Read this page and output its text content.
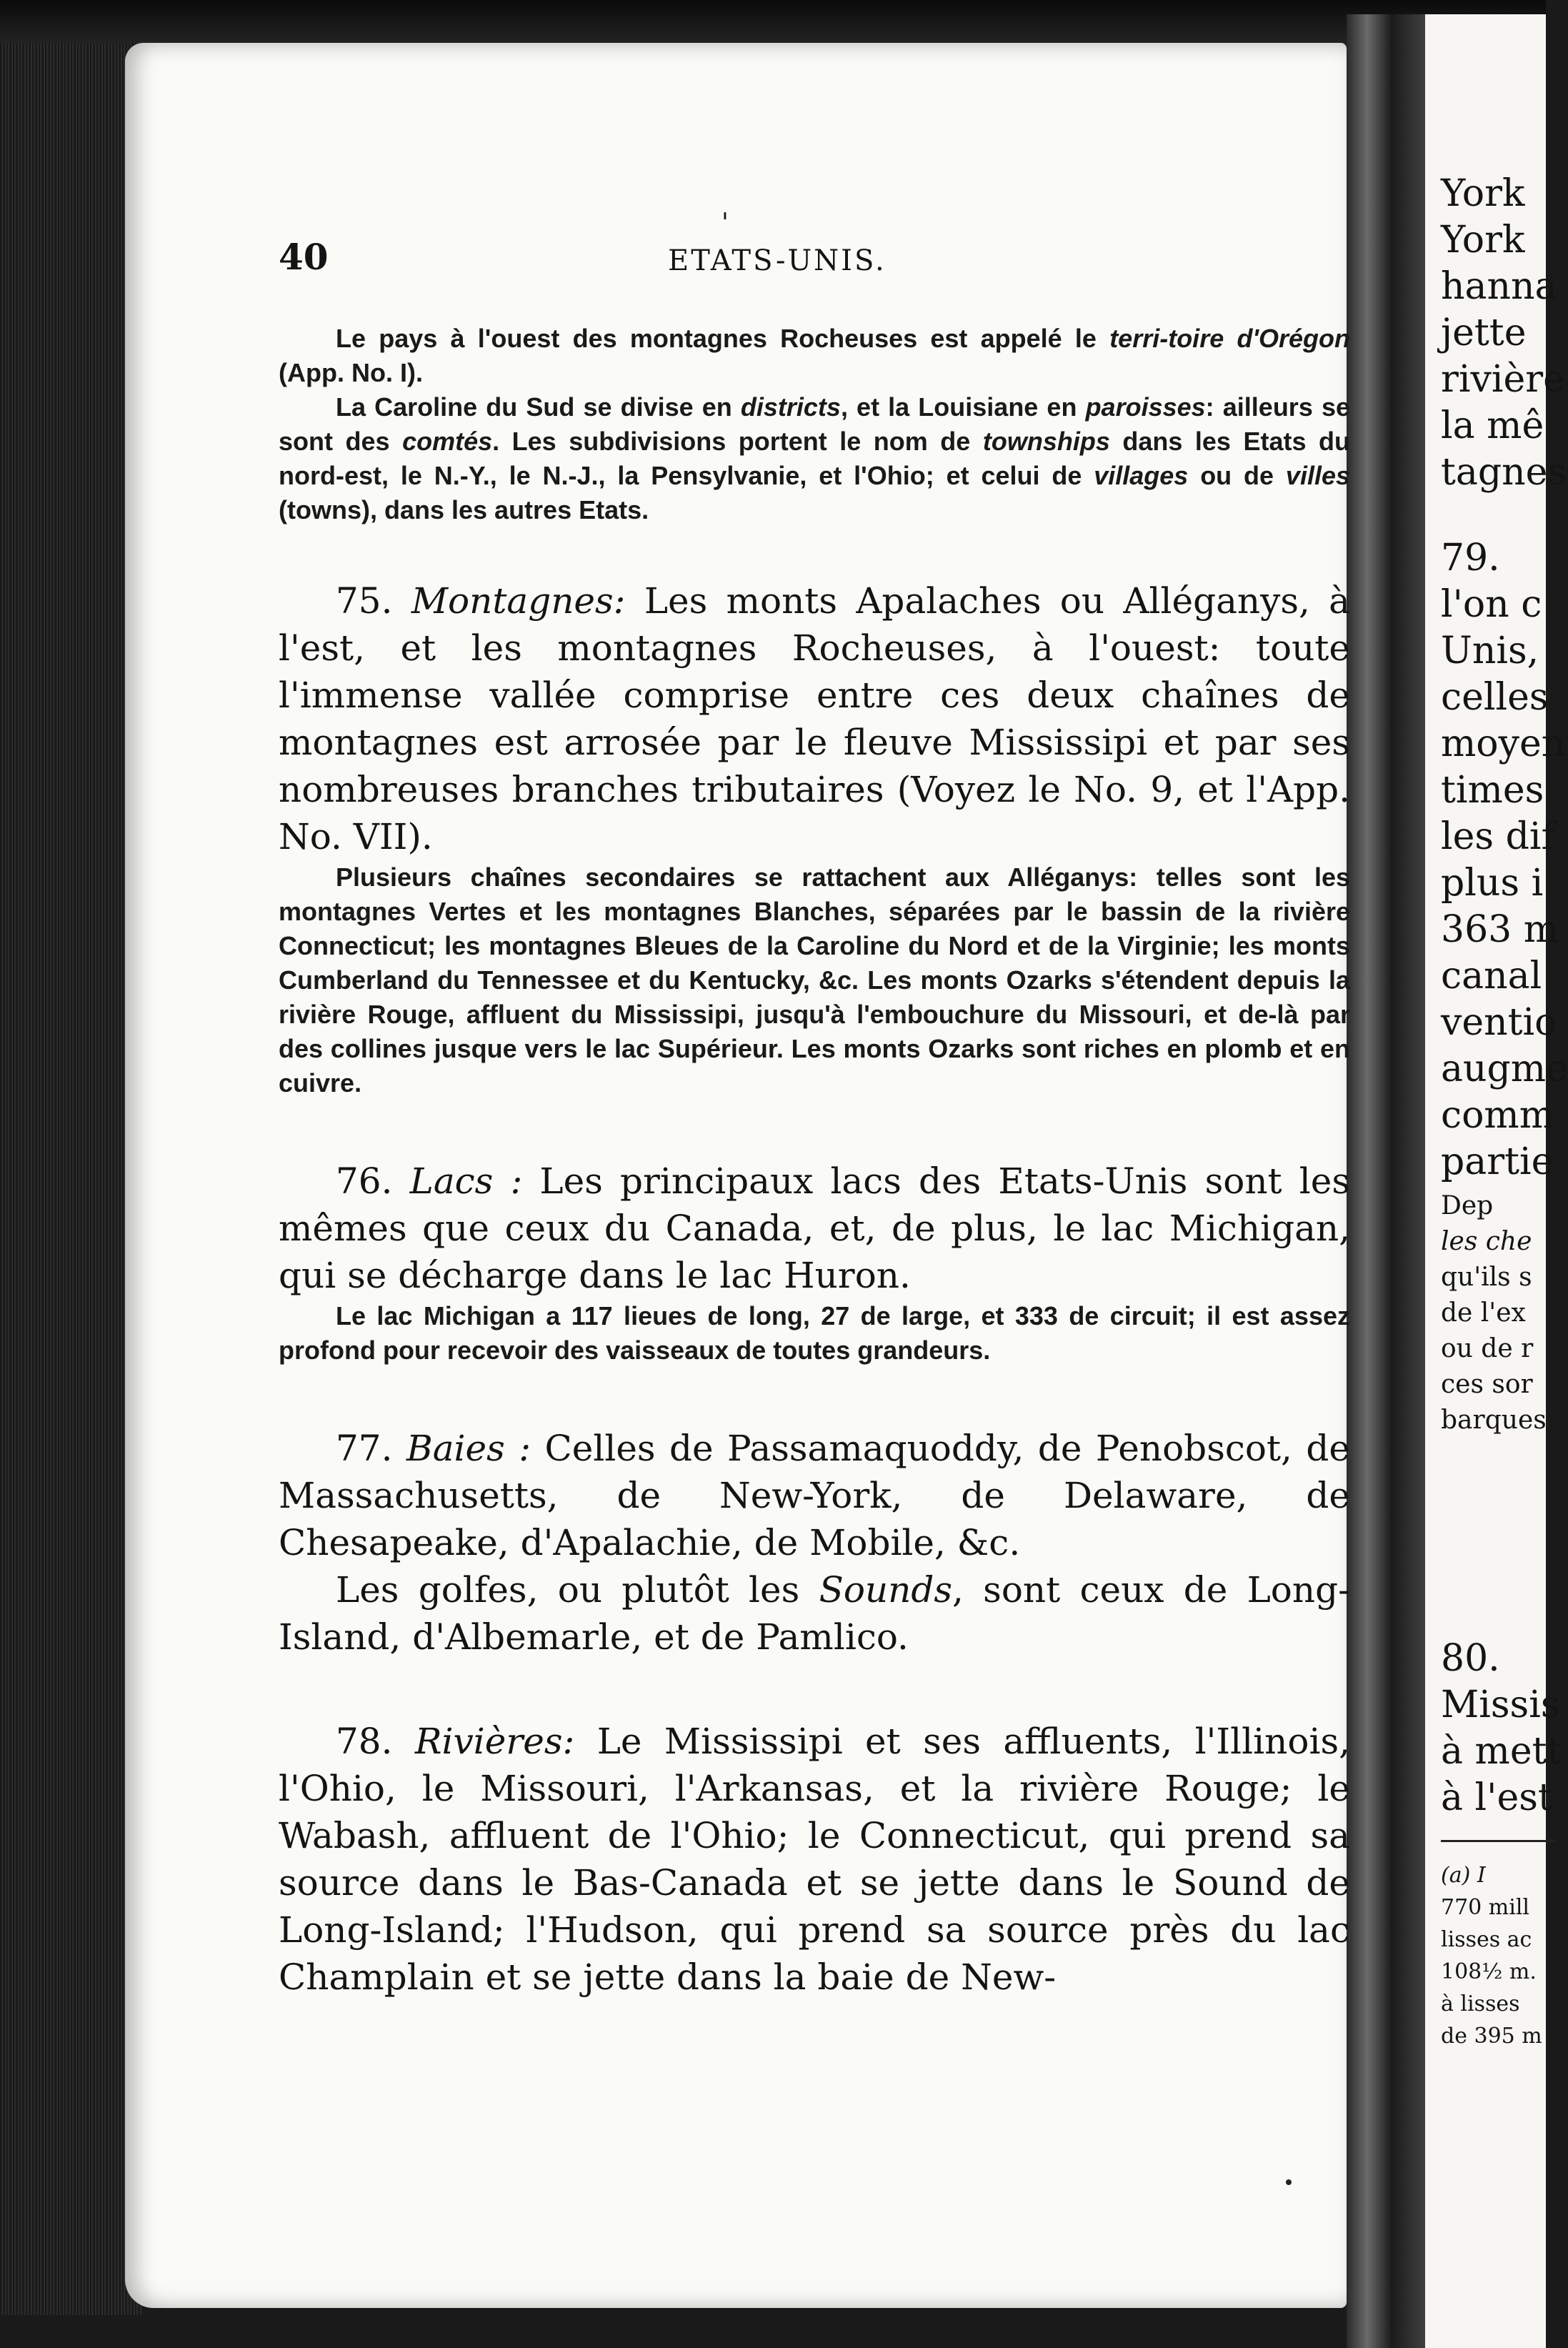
York
York
hanna
jette
rivière
la mê
tagnes
79.
l'on c
Unis,
celles
moyen
times
les dif
plus i
363 m
canal
ventio
augme
comm
partie
Dep
les che
qu'ils s
de l'ex
ou de r
ces sor
barques
80.
Missis
à mett
à l'est
(a) I
770 mill
lisses ac
108½ m.
à lisses
de 395 m
40
'
ETATS-UNIS.

Le pays à l'ouest des montagnes Rocheuses est appelé le terri-toire d'Orégon (App. No. I).

La Caroline du Sud se divise en districts, et la Louisiane en paroisses: ailleurs se sont des comtés. Les subdivisions portent le nom de townships dans les Etats du nord-est, le N.-Y., le N.-J., la Pensylvanie, et l'Ohio; et celui de villages ou de villes (towns), dans les autres Etats.

75. Montagnes: Les monts Apalaches ou Alléganys, à l'est, et les montagnes Rocheuses, à l'ouest: toute l'immense vallée comprise entre ces deux chaînes de montagnes est arrosée par le fleuve Mississipi et par ses nombreuses branches tributaires (Voyez le No. 9, et l'App. No. VII).

Plusieurs chaînes secondaires se rattachent aux Alléganys: telles sont les montagnes Vertes et les montagnes Blanches, séparées par le bassin de la rivière Connecticut; les montagnes Bleues de la Caroline du Nord et de la Virginie; les monts Cumberland du Tennessee et du Kentucky, &c. Les monts Ozarks s'étendent depuis la rivière Rouge, affluent du Mississipi, jusqu'à l'embouchure du Missouri, et de-là par des collines jusque vers le lac Supérieur. Les monts Ozarks sont riches en plomb et en cuivre.

76. Lacs : Les principaux lacs des Etats-Unis sont les mêmes que ceux du Canada, et, de plus, le lac Michigan, qui se décharge dans le lac Huron.

Le lac Michigan a 117 lieues de long, 27 de large, et 333 de circuit; il est assez profond pour recevoir des vaisseaux de toutes grandeurs.

77. Baies : Celles de Passamaquoddy, de Penobscot, de Massachusetts, de New-York, de Delaware, de Chesapeake, d'Apalachie, de Mobile, &c.

Les golfes, ou plutôt les Sounds, sont ceux de Long-Island, d'Albemarle, et de Pamlico.

78. Rivières: Le Mississipi et ses affluents, l'Illinois, l'Ohio, le Missouri, l'Arkansas, et la rivière Rouge; le Wabash, affluent de l'Ohio; le Connecticut, qui prend sa source dans le Bas-Canada et se jette dans le Sound de Long-Island; l'Hudson, qui prend sa source près du lac Champlain et se jette dans la baie de New-
